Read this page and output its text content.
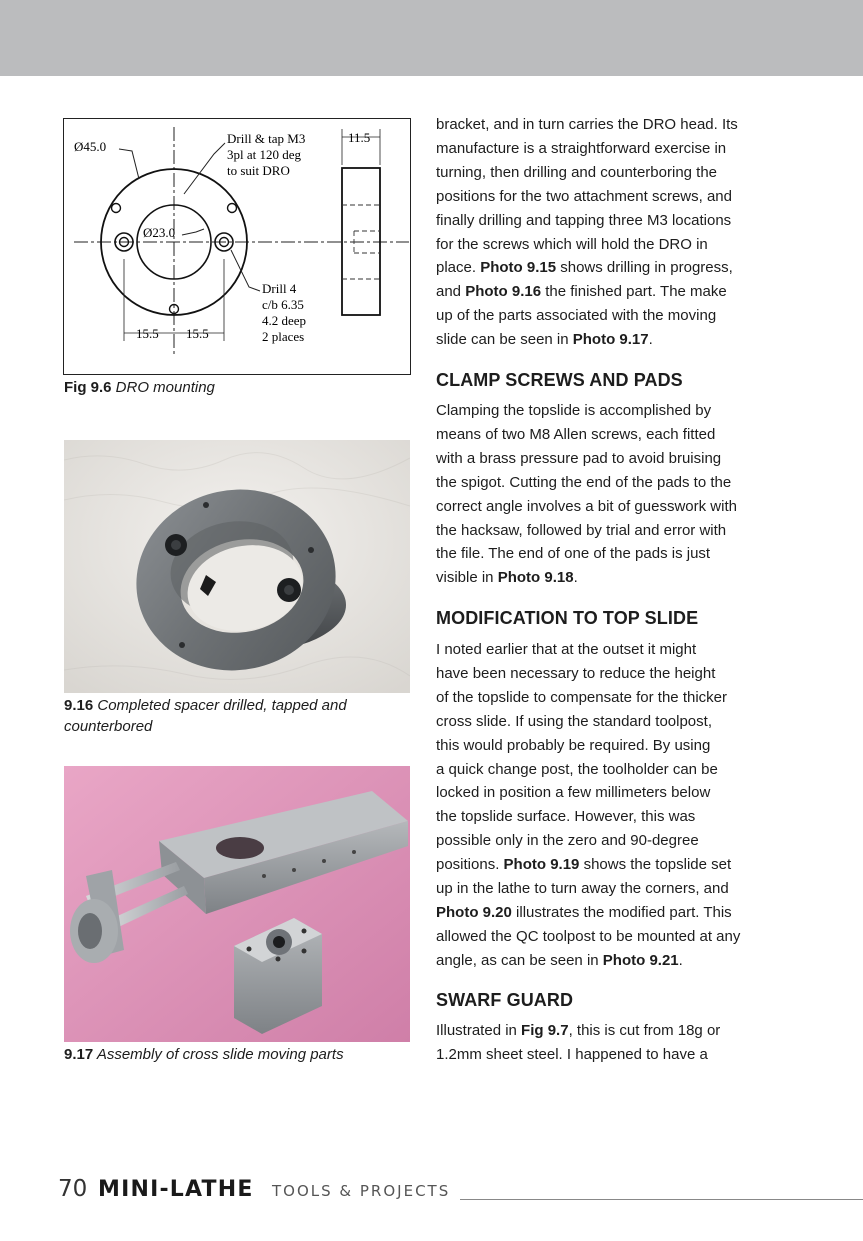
15.5 15.5
11.5
Ø45.0
Ø23.0
Drill & tap M3
3pl at 120 deg
to suit DRO
Drill 4
c/b 6.35
4.2 deep
2 places
Fig 9.6 DRO mounting
9.16 Completed spacer drilled, tapped and counterbored
9.17 Assembly of cross slide moving parts
bracket, and in turn carries the DRO head. Its
manufacture is a straightforward exercise in
turning, then drilling and counterboring the
positions for the two attachment screws, and
finally drilling and tapping three M3 locations
for the screws which will hold the DRO in
place. Photo 9.15 shows drilling in progress,
and Photo 9.16 the finished part. The make
up of the parts associated with the moving
slide can be seen in Photo 9.17.
CLAMP SCREWS AND PADS
Clamping the topslide is accomplished by
means of two M8 Allen screws, each fitted
with a brass pressure pad to avoid bruising
the spigot. Cutting the end of the pads to the
correct angle involves a bit of guesswork with
the hacksaw, followed by trial and error with
the file. The end of one of the pads is just
visible in Photo 9.18.
MODIFICATION TO TOP SLIDE
I noted earlier that at the outset it might
have been necessary to reduce the height
of the topslide to compensate for the thicker
cross slide. If using the standard toolpost,
this would probably be required. By using
a quick change post, the toolholder can be
locked in position a few millimeters below
the topslide surface. However, this was
possible only in the zero and 90-degree
positions. Photo 9.19 shows the topslide set
up in the lathe to turn away the corners, and
Photo 9.20 illustrates the modified part. This
allowed the QC toolpost to be mounted at any
angle, as can be seen in Photo 9.21.
SWARF GUARD
Illustrated in Fig 9.7, this is cut from 18g or
1.2mm sheet steel. I happened to have a
70 MINI-LATHE TOOLS & PROJECTS
